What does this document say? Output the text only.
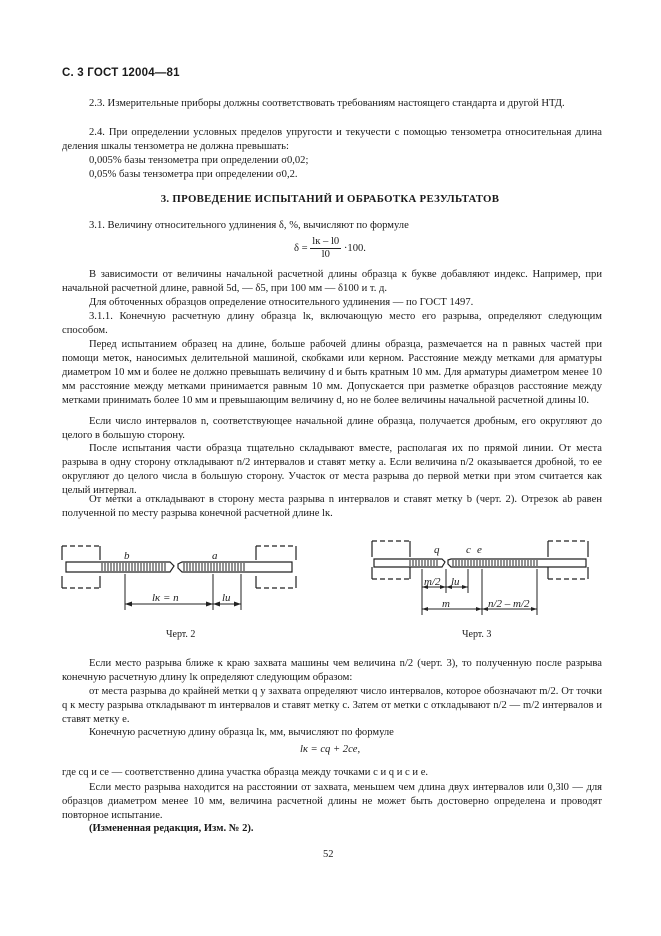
С. 3 ГОСТ 12004—81

2.3. Измерительные приборы должны соответствовать требованиям настоящего стандарта и другой НТД.

2.4. При определении условных пределов упругости и текучести с помощью тензометра относительная длина деления шкалы тензометра не должна превышать:

0,005% базы тензометра при определении σ0,02;

0,05% базы тензометра при определении σ0,2.

3. ПРОВЕДЕНИЕ ИСПЫТАНИЙ И ОБРАБОТКА РЕЗУЛЬТАТОВ

3.1. Величину относительного удлинения δ, %, вычисляют по формуле

$\delta = \frac{lк - l0}{l0} \cdot 100$.

В зависимости от величины начальной расчетной длины образца к букве добавляют индекс. Например, при начальной расчетной длине, равной 5d, — δ5, при 100 мм — δ100 и т. д.

Для обточенных образцов определение относительного удлинения — по ГОСТ 1497.

3.1.1. Конечную расчетную длину образца lк, включающую место его разрыва, определяют следующим способом.

Перед испытанием образец на длине, больше рабочей длины образца, размечается на n равных частей при помощи меток, наносимых делительной машиной, скобками или керном. Расстояние между метками для арматуры диаметром 10 мм и более не должно превышать величину d и быть кратным 10 мм. Для арматуры диаметром менее 10 мм расстояние между метками принимается равным 10 мм. Допускается при разметке образцов расстояние между метками принимать более 10 мм и превышающим величину d, но не более величины начальной расчетной длины l0.

Если число интервалов n, соответствующее начальной длине образца, получается дробным, его округляют до целого в большую сторону.

После испытания части образца тщательно складывают вместе, располагая их по прямой линии. От места разрыва в одну сторону откладывают n/2 интервалов и ставят метку a. Если величина n/2 оказывается дробной, то ее округляют до целого числа в большую сторону. Участок от места разрыва до первой метки при этом считается как целый интервал.

От метки a откладывают в сторону места разрыва n интервалов и ставят метку b (черт. 2). Отрезок ab равен полученной по месту разрыва конечной расчетной длине lк.

b	a
lк = n	lu
q c e
m/2 lu
m	n/2 – m/2
Черт. 2	Черт. 3

Если место разрыва ближе к краю захвата машины чем величина n/2 (черт. 3), то полученную после разрыва конечную расчетную длину lк определяют следующим образом:

от места разрыва до крайней метки q у захвата определяют число интервалов, которое обозначают m/2. От точки q к месту разрыва откладывают m интервалов и ставят метку c. Затем от метки c откладывают n/2 — m/2 интервалов и ставят метку e.

Конечную расчетную длину образца lк, мм, вычисляют по формуле

lк = cq + 2ce,

где cq и ce — соответственно длина участка образца между точками c и q и c и e.

Если место разрыва находится на расстоянии от захвата, меньшем чем длина двух интервалов или 0,3l0 — для образцов диаметром менее 10 мм, величина расчетной длины не может быть достоверно определена и проводят повторное испытание.

(Измененная редакция, Изм. № 2).

52
